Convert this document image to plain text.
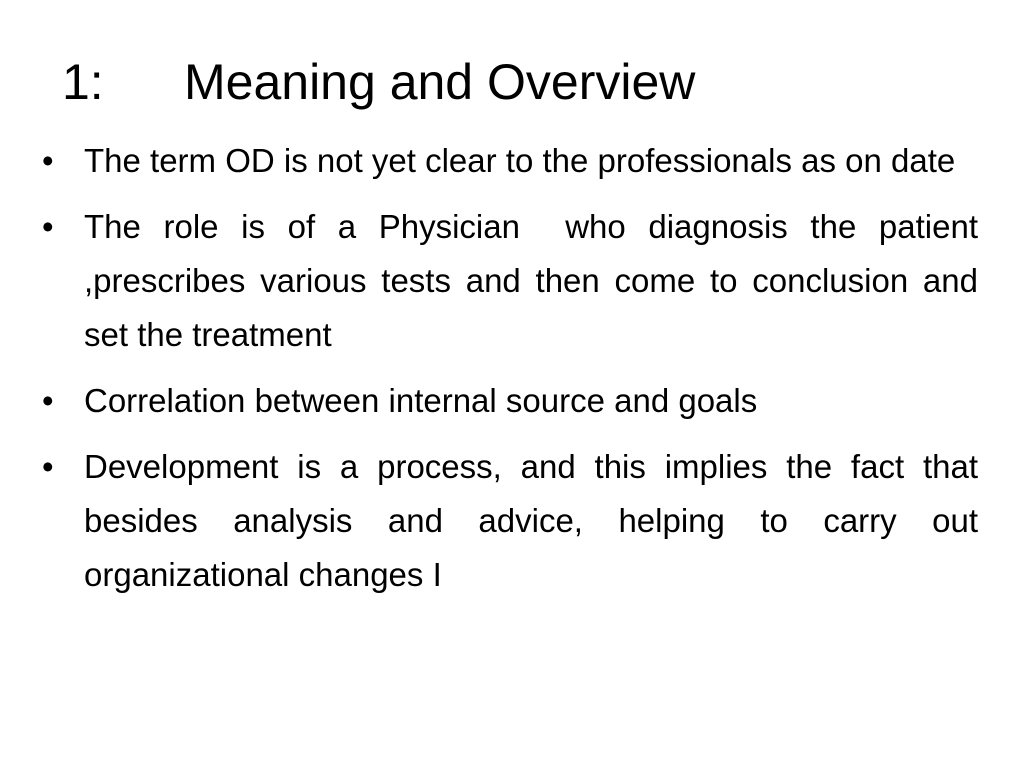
1: Meaning and Overview
• The term OD is not yet clear to the professionals as on date
• The role is of a Physician  who diagnosis the patient ,prescribes various tests and then come to conclusion and set the treatment
• Correlation between internal source and goals
• Development is a process, and this implies the fact that besides analysis and advice, helping to carry out organizational changes I
